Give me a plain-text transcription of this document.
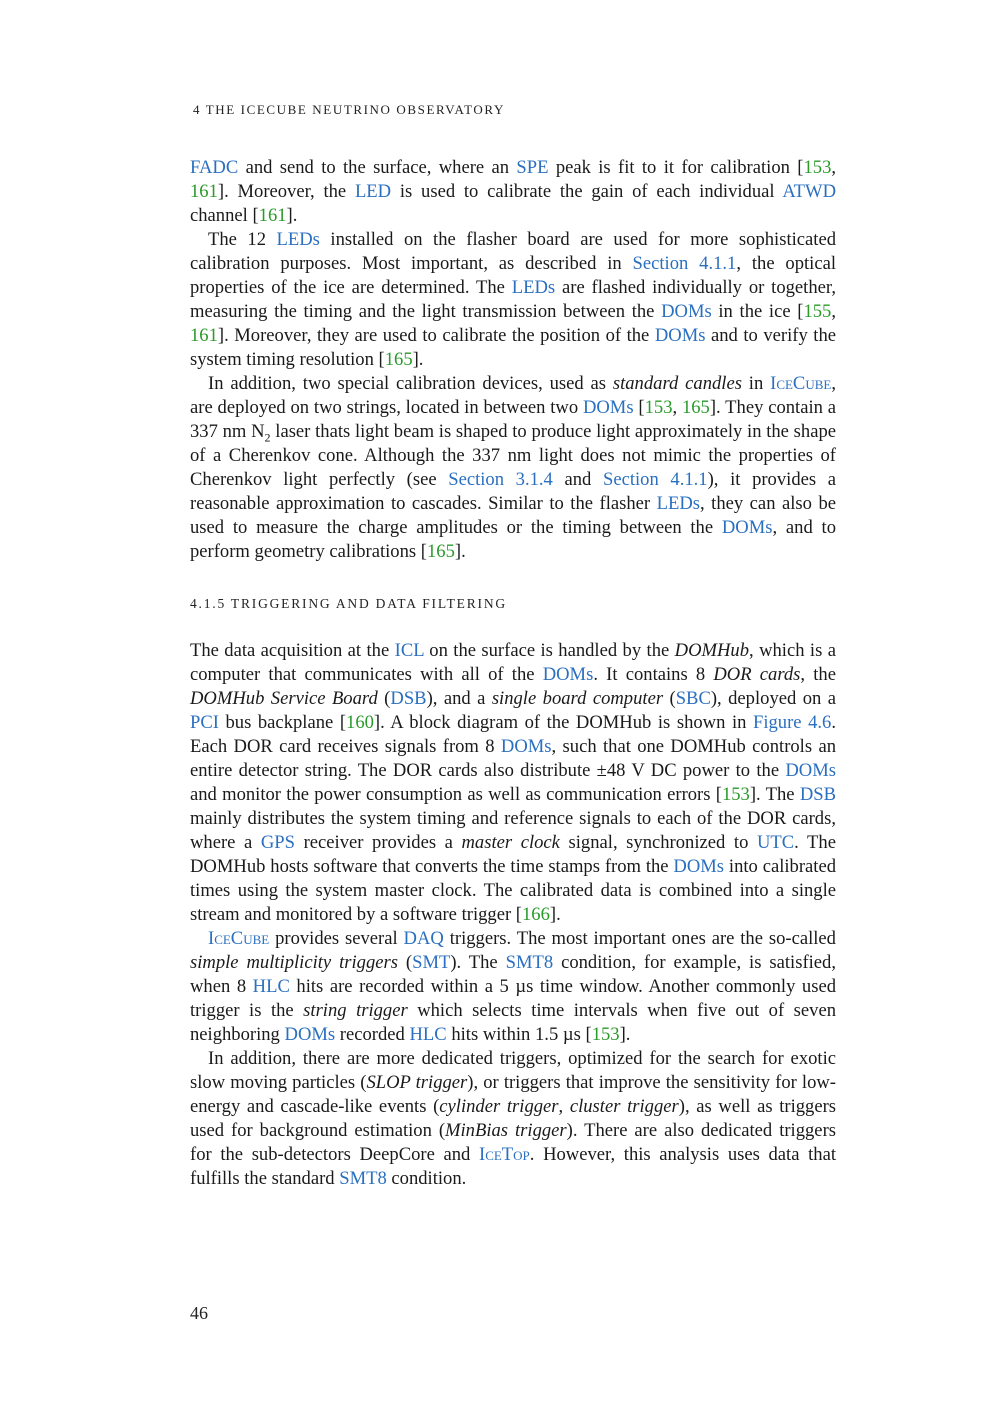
4 THE ICECUBE NEUTRINO OBSERVATORY

FADC and send to the surface, where an SPE peak is fit to it for calibration [153, 161]. Moreover, the LED is used to calibrate the gain of each individual ATWD channel [161].

The 12 LEDs installed on the flasher board are used for more sophisticated calibration purposes. Most important, as described in Section 4.1.1, the optical properties of the ice are determined. The LEDs are flashed individually or together, measuring the timing and the light transmission between the DOMs in the ice [155, 161]. Moreover, they are used to calibrate the position of the DOMs and to verify the system timing resolution [165].

In addition, two special calibration devices, used as standard candles in IceCube, are deployed on two strings, located in between two DOMs [153, 165]. They contain a 337 nm $N_2$ laser thats light beam is shaped to produce light approximately in the shape of a Cherenkov cone. Although the 337 nm light does not mimic the properties of Cherenkov light perfectly (see Section 3.1.4 and Section 4.1.1), it provides a reasonable approximation to cascades. Similar to the flasher LEDs, they can also be used to measure the charge amplitudes or the timing between the DOMs, and to perform geometry calibrations [165].

4.1.5 TRIGGERING AND DATA FILTERING

The data acquisition at the ICL on the surface is handled by the DOMHub, which is a computer that communicates with all of the DOMs. It contains 8 DOR cards, the DOMHub Service Board (DSB), and a single board computer (SBC), deployed on a PCI bus backplane [160]. A block diagram of the DOMHub is shown in Figure 4.6. Each DOR card receives signals from 8 DOMs, such that one DOMHub controls an entire detector string. The DOR cards also distribute ±48 V DC power to the DOMs and monitor the power consumption as well as communication errors [153]. The DSB mainly distributes the system timing and reference signals to each of the DOR cards, where a GPS receiver provides a master clock signal, synchronized to UTC. The DOMHub hosts software that converts the time stamps from the DOMs into calibrated times using the system master clock. The calibrated data is combined into a single stream and monitored by a software trigger [166].

IceCube provides several DAQ triggers. The most important ones are the so-called simple multiplicity triggers (SMT). The SMT8 condition, for example, is satisfied, when 8 HLC hits are recorded within a 5 µs time window. Another commonly used trigger is the string trigger which selects time intervals when five out of seven neighboring DOMs recorded HLC hits within 1.5 µs [153].

In addition, there are more dedicated triggers, optimized for the search for exotic slow moving particles (SLOP trigger), or triggers that improve the sensitivity for low-energy and cascade-like events (cylinder trigger, cluster trigger), as well as triggers used for background estimation (MinBias trigger). There are also dedicated triggers for the sub-detectors DeepCore and IceTop. However, this analysis uses data that fulfills the standard SMT8 condition.

46
